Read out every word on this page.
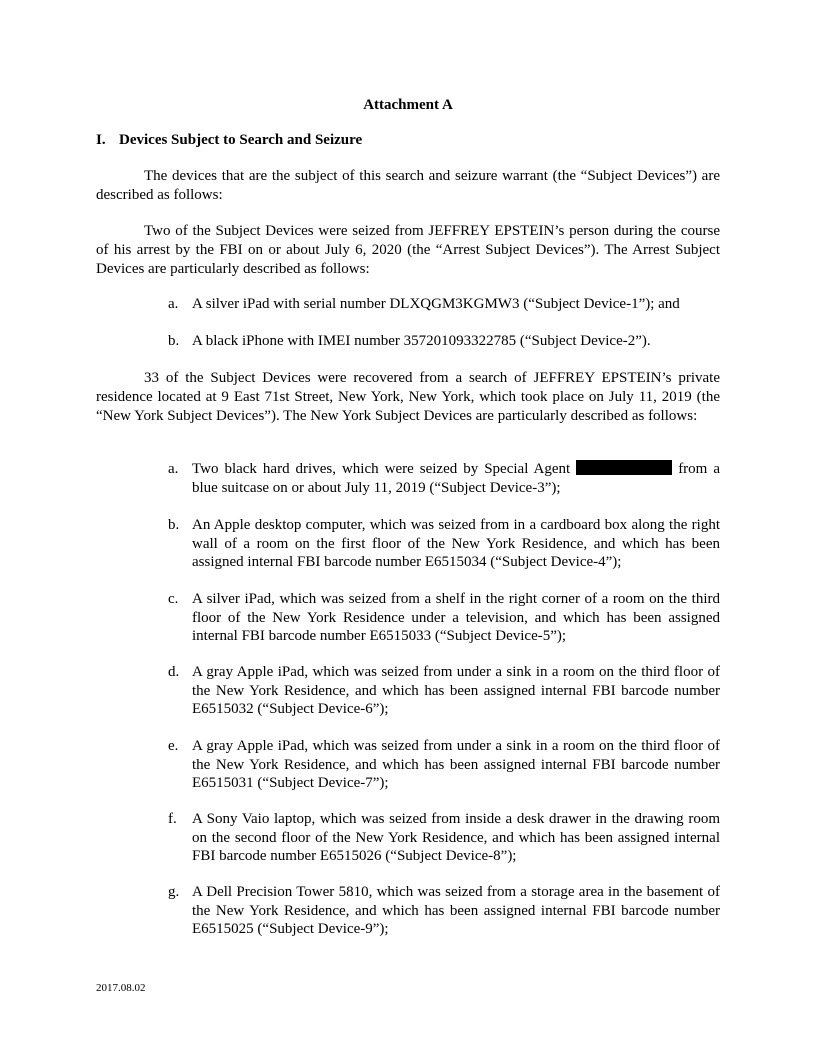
Attachment A
I. Devices Subject to Search and Seizure

The devices that are the subject of this search and seizure warrant (the “Subject Devices”) are described as follows:

Two of the Subject Devices were seized from JEFFREY EPSTEIN’s person during the course of his arrest by the FBI on or about July 6, 2020 (the “Arrest Subject Devices”). The Arrest Subject Devices are particularly described as follows:

a. A silver iPad with serial number DLXQGM3KGMW3 (“Subject Device-1”); and
b. A black iPhone with IMEI number 357201093322785 (“Subject Device-2”).

33 of the Subject Devices were recovered from a search of JEFFREY EPSTEIN’s private residence located at 9 East 71st Street, New York, New York, which took place on July 11, 2019 (the “New York Subject Devices”). The New York Subject Devices are particularly described as follows:

a. Two black hard drives, which were seized by Special Agent	from a blue suitcase on or about July 11, 2019 (“Subject Device-3”);
b. An Apple desktop computer, which was seized from in a cardboard box along the right wall of a room on the first floor of the New York Residence, and which has been assigned internal FBI barcode number E6515034 (“Subject Device-4”);
c. A silver iPad, which was seized from a shelf in the right corner of a room on the third floor of the New York Residence under a television, and which has been assigned internal FBI barcode number E6515033 (“Subject Device-5”);
d. A gray Apple iPad, which was seized from under a sink in a room on the third floor of the New York Residence, and which has been assigned internal FBI barcode number E6515032 (“Subject Device-6”);
e. A gray Apple iPad, which was seized from under a sink in a room on the third floor of the New York Residence, and which has been assigned internal FBI barcode number E6515031 (“Subject Device-7”);
f.	A Sony Vaio laptop, which was seized from inside a desk drawer in the drawing room on the second floor of the New York Residence, and which has been assigned internal FBI barcode number E6515026 (“Subject Device-8”);
g. A Dell Precision Tower 5810, which was seized from a storage area in the basement of the New York Residence, and which has been assigned internal FBI barcode number E6515025 (“Subject Device-9”);
2017.08.02
